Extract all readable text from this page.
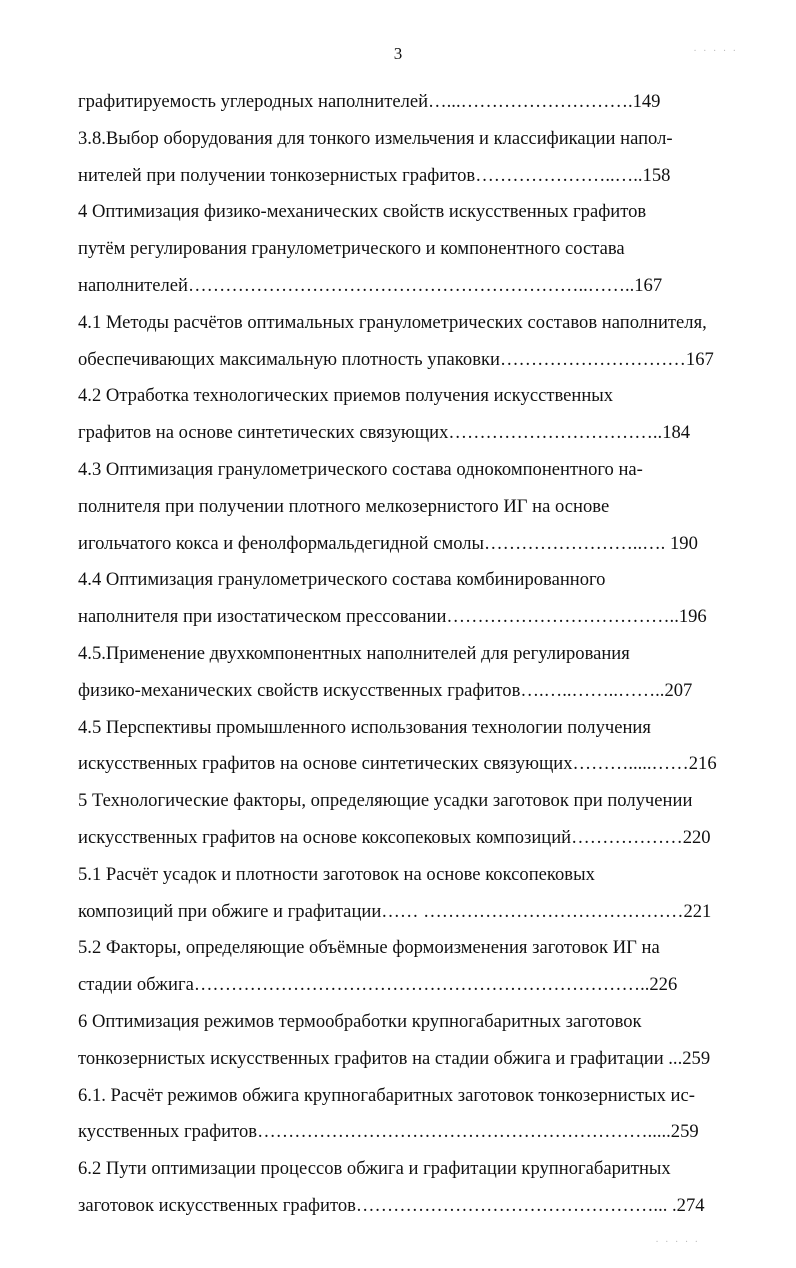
3	· · · · ·
· · · · ·
графитируемость углеродных наполнителей…...……………………….149
3.8.Выбор оборудования для тонкого измельчения и классификации напол-
нителей при получении тонкозернистых графитов…………………..…..158
4 Оптимизация физико-механических свойств искусственных графитов
путём регулирования гранулометрического и компонентного состава
наполнителей………………………………………………………..……..167
4.1 Методы расчётов оптимальных гранулометрических составов наполнителя,
обеспечивающих максимальную плотность упаковки…………………………167
4.2 Отработка технологических приемов получения искусственных
графитов на основе синтетических связующих……………………………..184
4.3 Оптимизация гранулометрического состава однокомпонентного на-
полнителя при получении плотного мелкозернистого ИГ на основе
игольчатого кокса и фенолформальдегидной смолы……………………..…. 190
4.4 Оптимизация гранулометрического состава комбинированного
наполнителя при изостатическом прессовании………………………………..196
4.5.Применение двухкомпонентных наполнителей для регулирования
физико-механических свойств искусственных графитов….…..……..……..207
4.5 Перспективы промышленного использования технологии получения
искусственных графитов на основе синтетических связующих……….....……216
5 Технологические факторы, определяющие усадки заготовок при получении
искусственных графитов на основе коксопековых композиций………………220
5.1 Расчёт усадок и плотности заготовок на основе коксопековых
композиций при обжиге и графитации…… ……………………………………221
5.2 Факторы, определяющие объёмные формоизменения заготовок ИГ на
стадии обжига………………………………………………………………..226
6 Оптимизация режимов термообработки крупногабаритных заготовок
тонкозернистых искусственных графитов на стадии обжига и графитации ...259
6.1. Расчёт режимов обжига крупногабаритных заготовок тонкозернистых ис-
кусственных графитов……………………………………………………….....259
6.2 Пути оптимизации процессов обжига и графитации крупногабаритных
заготовок искусственных графитов…………………………………………... .274
